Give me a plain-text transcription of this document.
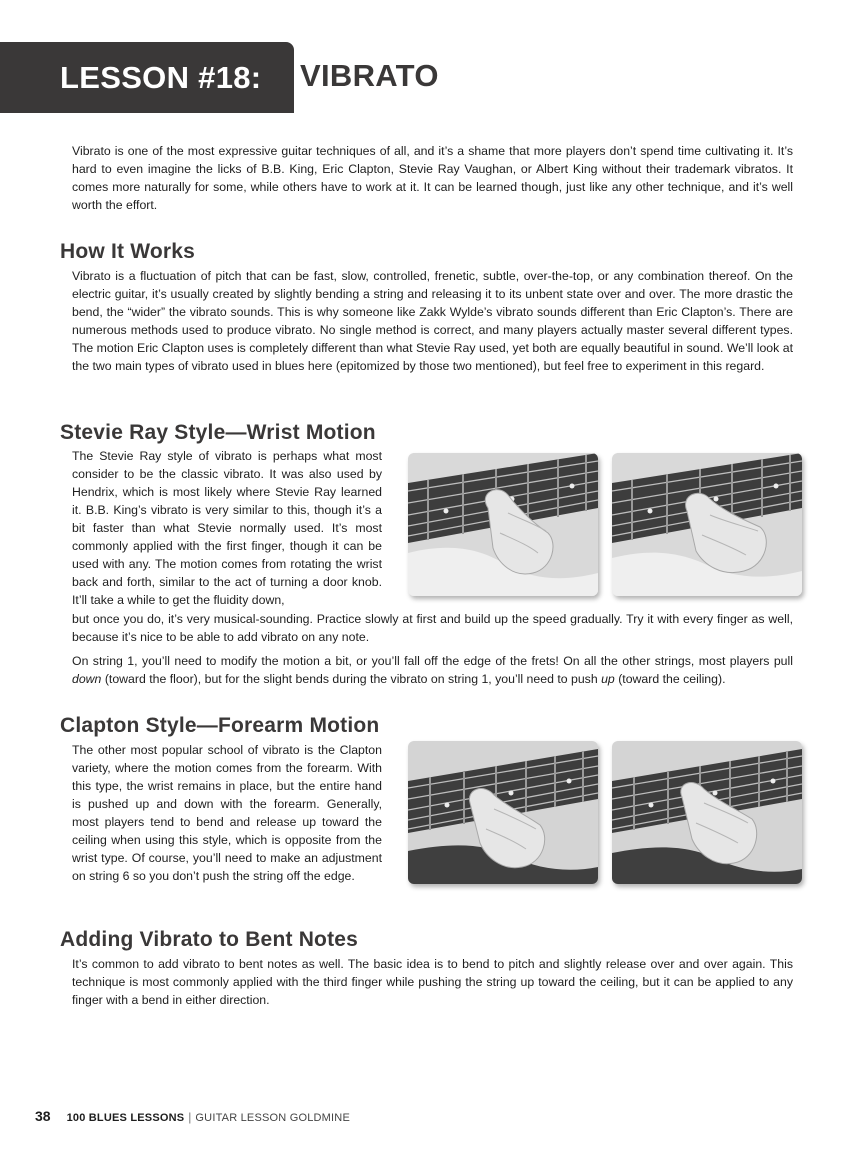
LESSON #18: VIBRATO

Vibrato is one of the most expressive guitar techniques of all, and it’s a shame that more players don’t spend time cultivating it. It’s hard to even imagine the licks of B.B. King, Eric Clapton, Stevie Ray Vaughan, or Albert King without their trademark vibratos. It comes more naturally for some, while others have to work at it. It can be learned though, just like any other technique, and it’s well worth the effort.

How It Works

Vibrato is a fluctuation of pitch that can be fast, slow, controlled, frenetic, subtle, over-the-top, or any combination thereof. On the electric guitar, it’s usually created by slightly bending a string and releasing it to its unbent state over and over. The more drastic the bend, the “wider” the vibrato sounds. This is why someone like Zakk Wylde’s vibrato sounds different than Eric Clapton’s. There are numerous methods used to produce vibrato. No single method is correct, and many players actually master several different types. The motion Eric Clapton uses is completely different than what Stevie Ray used, yet both are equally beautiful in sound. We’ll look at the two main types of vibrato used in blues here (epitomized by those two mentioned), but feel free to experiment in this regard.

Stevie Ray Style—Wrist Motion

The Stevie Ray style of vibrato is perhaps what most consider to be the classic vibrato. It was also used by Hendrix, which is most likely where Stevie Ray learned it. B.B. King’s vibrato is very similar to this, though it’s a bit faster than what Stevie normally used. It’s most commonly applied with the first finger, though it can be used with any. The motion comes from rotating the wrist back and forth, similar to the act of turning a door knob. It’ll take a while to get the fluidity down,

but once you do, it’s very musical-sounding. Practice slowly at first and build up the speed gradually. Try it with every finger as well, because it’s nice to be able to add vibrato on any note.

On string 1, you’ll need to modify the motion a bit, or you’ll fall off the edge of the frets! On all the other strings, most players pull down (toward the floor), but for the slight bends during the vibrato on string 1, you’ll need to push up (toward the ceiling).

Clapton Style—Forearm Motion

The other most popular school of vibrato is the Clapton variety, where the motion comes from the forearm. With this type, the wrist remains in place, but the entire hand is pushed up and down with the forearm. Generally, most players tend to bend and release up toward the ceiling when using this style, which is opposite from the wrist type. Of course, you’ll need to make an adjustment on string 6 so you don’t push the string off the edge.

Adding Vibrato to Bent Notes

It’s common to add vibrato to bent notes as well. The basic idea is to bend to pitch and slightly release over and over again. This technique is most commonly applied with the third finger while pushing the string up toward the ceiling, but it can be applied to any finger with a bend in either direction.

38 100 BLUES LESSONS | GUITAR LESSON GOLDMINE
